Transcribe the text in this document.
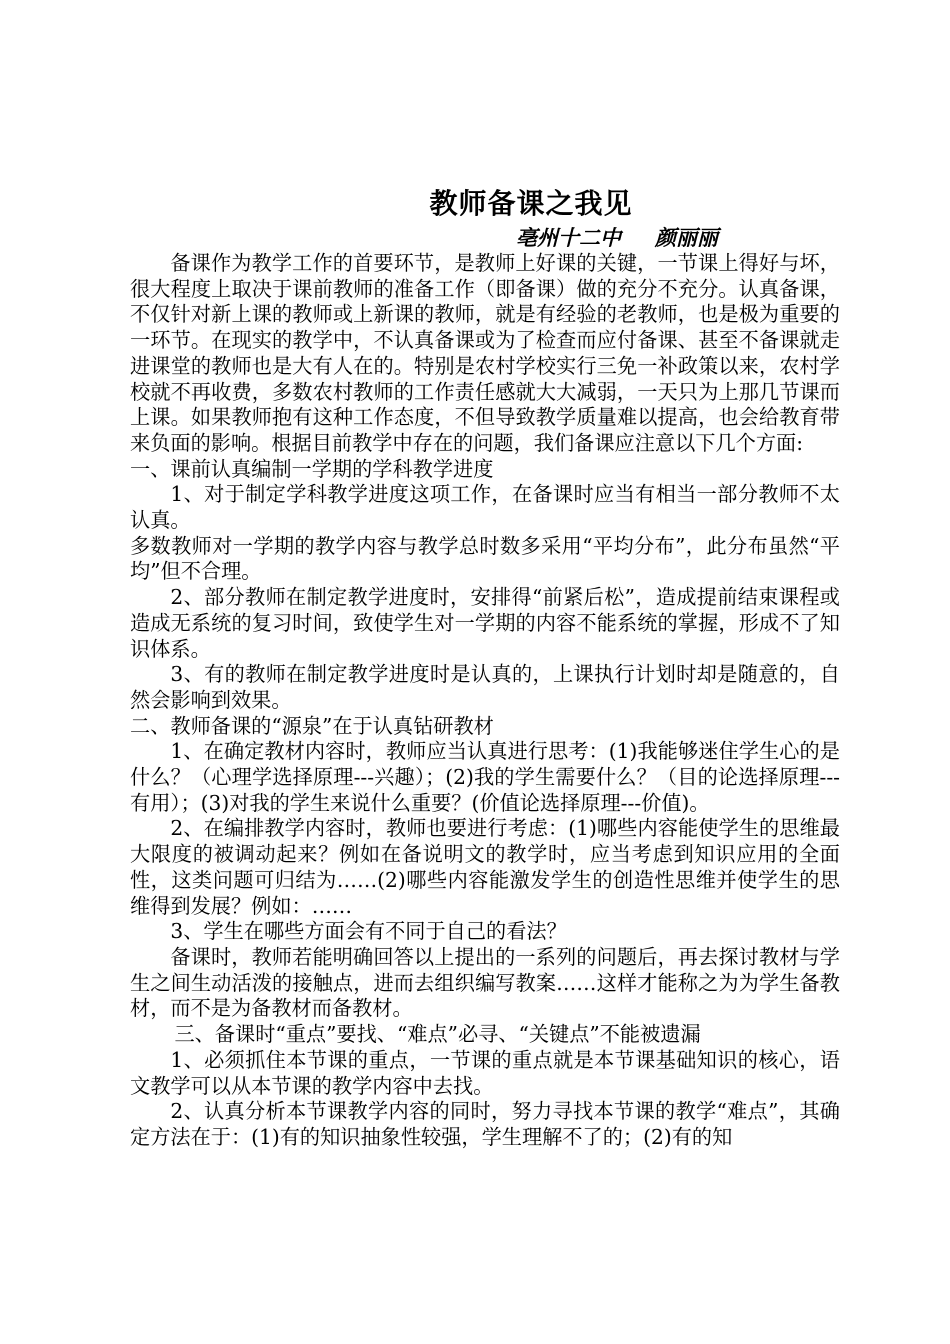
教师备课之我见
亳州十二中 颜丽丽

备课作为教学工作的首要环节，是教师上好课的关键，一节课上得好与坏，很大程度上取决于课前教师的准备工作（即备课）做的充分不充分。认真备课，不仅针对新上课的教师或上新课的教师，就是有经验的老教师，也是极为重要的一环节。在现实的教学中，不认真备课或为了检查而应付备课、甚至不备课就走进课堂的教师也是大有人在的。特别是农村学校实行三免一补政策以来，农村学校就不再收费，多数农村教师的工作责任感就大大减弱，一天只为上那几节课而上课。如果教师抱有这种工作态度，不但导致教学质量难以提高，也会给教育带来负面的影响。根据目前教学中存在的问题，我们备课应注意以下几个方面:

一、课前认真编制一学期的学科教学进度

1、对于制定学科教学进度这项工作，在备课时应当有相当一部分教师不太认真。

多数教师对一学期的教学内容与教学总时数多采用“平均分布”，此分布虽然“平均”但不合理。

2、部分教师在制定教学进度时，安排得“前紧后松”，造成提前结束课程或造成无系统的复习时间，致使学生对一学期的内容不能系统的掌握，形成不了知识体系。

3、有的教师在制定教学进度时是认真的，上课执行计划时却是随意的，自然会影响到效果。

二、教师备课的“源泉”在于认真钻研教材

1、在确定教材内容时，教师应当认真进行思考：(1)我能够迷住学生心的是什么？（心理学选择原理---兴趣）；(2)我的学生需要什么？（目的论选择原理---有用）；(3)对我的学生来说什么重要？(价值论选择原理---价值)。

2、在编排教学内容时，教师也要进行考虑：(1)哪些内容能使学生的思维最大限度的被调动起来？例如在备说明文的教学时，应当考虑到知识应用的全面性，这类问题可归结为……(2)哪些内容能激发学生的创造性思维并使学生的思维得到发展？例如：……

3、学生在哪些方面会有不同于自己的看法？

备课时，教师若能明确回答以上提出的一系列的问题后，再去探讨教材与学生之间生动活泼的接触点，进而去组织编写教案……这样才能称之为为学生备教材，而不是为备教材而备教材。

三、备课时“重点”要找、“难点”必寻、“关键点”不能被遗漏

1、必须抓住本节课的重点，一节课的重点就是本节课基础知识的核心，语文教学可以从本节课的教学内容中去找。

2、认真分析本节课教学内容的同时，努力寻找本节课的教学“难点”，其确定方法在于：(1)有的知识抽象性较强，学生理解不了的；(2)有的知
